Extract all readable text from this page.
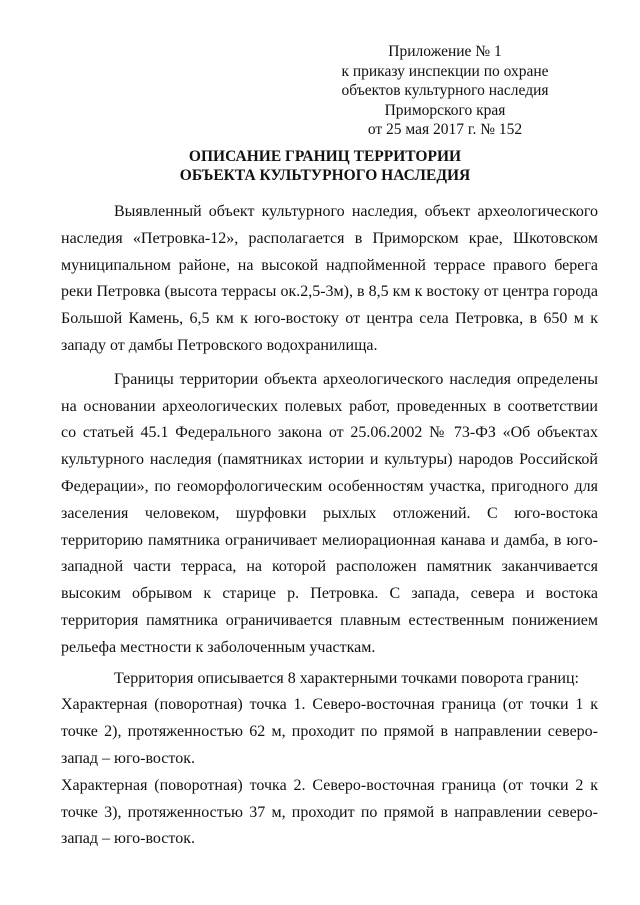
Приложение № 1
к приказу инспекции по охране
объектов культурного наследия
Приморского края
от 25 мая 2017 г. № 152
ОПИСАНИЕ ГРАНИЦ ТЕРРИТОРИИ
ОБЪЕКТА КУЛЬТУРНОГО НАСЛЕДИЯ

Выявленный объект культурного наследия, объект археологического наследия «Петровка-12», располагается в Приморском крае, Шкотовском муниципальном районе, на высокой надпойменной террасе правого берега реки Петровка (высота террасы ок.2,5-3м), в 8,5 км к востоку от центра города Большой Камень, 6,5 км к юго-востоку от центра села Петровка, в 650 м к западу от дамбы Петровского водохранилища.

Границы территории объекта археологического наследия определены на основании археологических полевых работ, проведенных в соответствии со статьей 45.1 Федерального закона от 25.06.2002 № 73-ФЗ «Об объектах культурного наследия (памятниках истории и культуры) народов Российской Федерации», по геоморфологическим особенностям участка, пригодного для заселения человеком, шурфовки рыхлых отложений. С юго-востока территорию памятника ограничивает мелиорационная канава и дамба, в юго-западной части терраса, на которой расположен памятник заканчивается высоким обрывом к старице р. Петровка. С запада, севера и востока территория памятника ограничивается плавным естественным понижением рельефа местности к заболоченным участкам.

Территория описывается 8 характерными точками поворота границ:

Характерная (поворотная) точка 1. Северо-восточная граница (от точки 1 к точке 2), протяженностью 62 м, проходит по прямой в направлении северо-запад – юго-восток.

Характерная (поворотная) точка 2. Северо-восточная граница (от точки 2 к точке 3), протяженностью 37 м, проходит по прямой в направлении северо-запад – юго-восток.
